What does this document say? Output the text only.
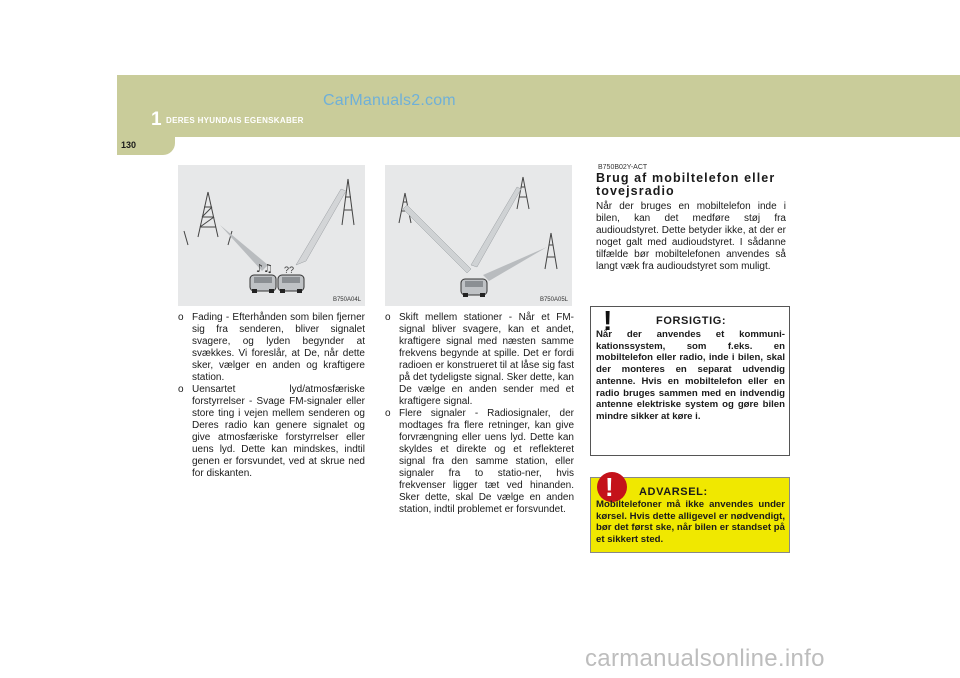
1 DERES HYUNDAIS EGENSKABER
CarManuals2.com
130
♪♫ ??
B750A04L	B750A05L

o Fading - Efterhånden som bilen fjerner sig fra senderen, bliver signalet svagere, og lyden begynder at svækkes. Vi foreslår, at De, når dette sker, vælger en anden og kraftigere station.

o Uensartet lyd/atmosfæriske forstyrrelser - Svage FM-signaler eller store ting i vejen mellem senderen og Deres radio kan genere signalet og give atmosfæriske forstyrrelser eller uens lyd. Dette kan mindskes, indtil genen er forsvundet, ved at skrue ned for diskanten.

o Skift mellem stationer - Når et FM-signal bliver svagere, kan et andet, kraftigere signal med næsten samme frekvens begynde at spille. Det er fordi radioen er konstrueret til at låse sig fast på det tydeligste signal. Sker dette, kan De vælge en anden sender med et kraftigere signal.

o Flere signaler - Radiosignaler, der modtages fra flere retninger, kan give forvrængning eller uens lyd. Dette kan skyldes et direkte og et reflekteret signal fra den samme station, eller signaler fra to statio-ner, hvis frekvenser ligger tæt ved hinanden. Sker dette, skal De vælge en anden station, indtil problemet er forsvundet.

B750B02Y-ACT
Brug af mobiltelefon eller tovejsradio
Når der bruges en mobiltelefon inde i bilen, kan det medføre støj fra audioudstyret. Dette betyder ikke, at der er noget galt med audioudstyret. I sådanne tilfælde bør mobiltelefonen anvendes så langt væk fra audioudstyret som muligt.
!	FORSIGTIG:
Når der anvendes et kommuni-kationssystem, som f.eks. en mobiltelefon eller radio, inde i bilen, skal der monteres en separat udvendig antenne. Hvis en mobiltelefon eller en radio bruges sammen med en indvendig antenne elektriske system og gøre bilen mindre sikker at køre i.
! ADVARSEL:
Mobiltelefoner må ikke anvendes under kørsel. Hvis dette alligevel er nødvendigt, bør det først ske, når bilen er standset på et sikkert sted.
carmanualsonline.info
